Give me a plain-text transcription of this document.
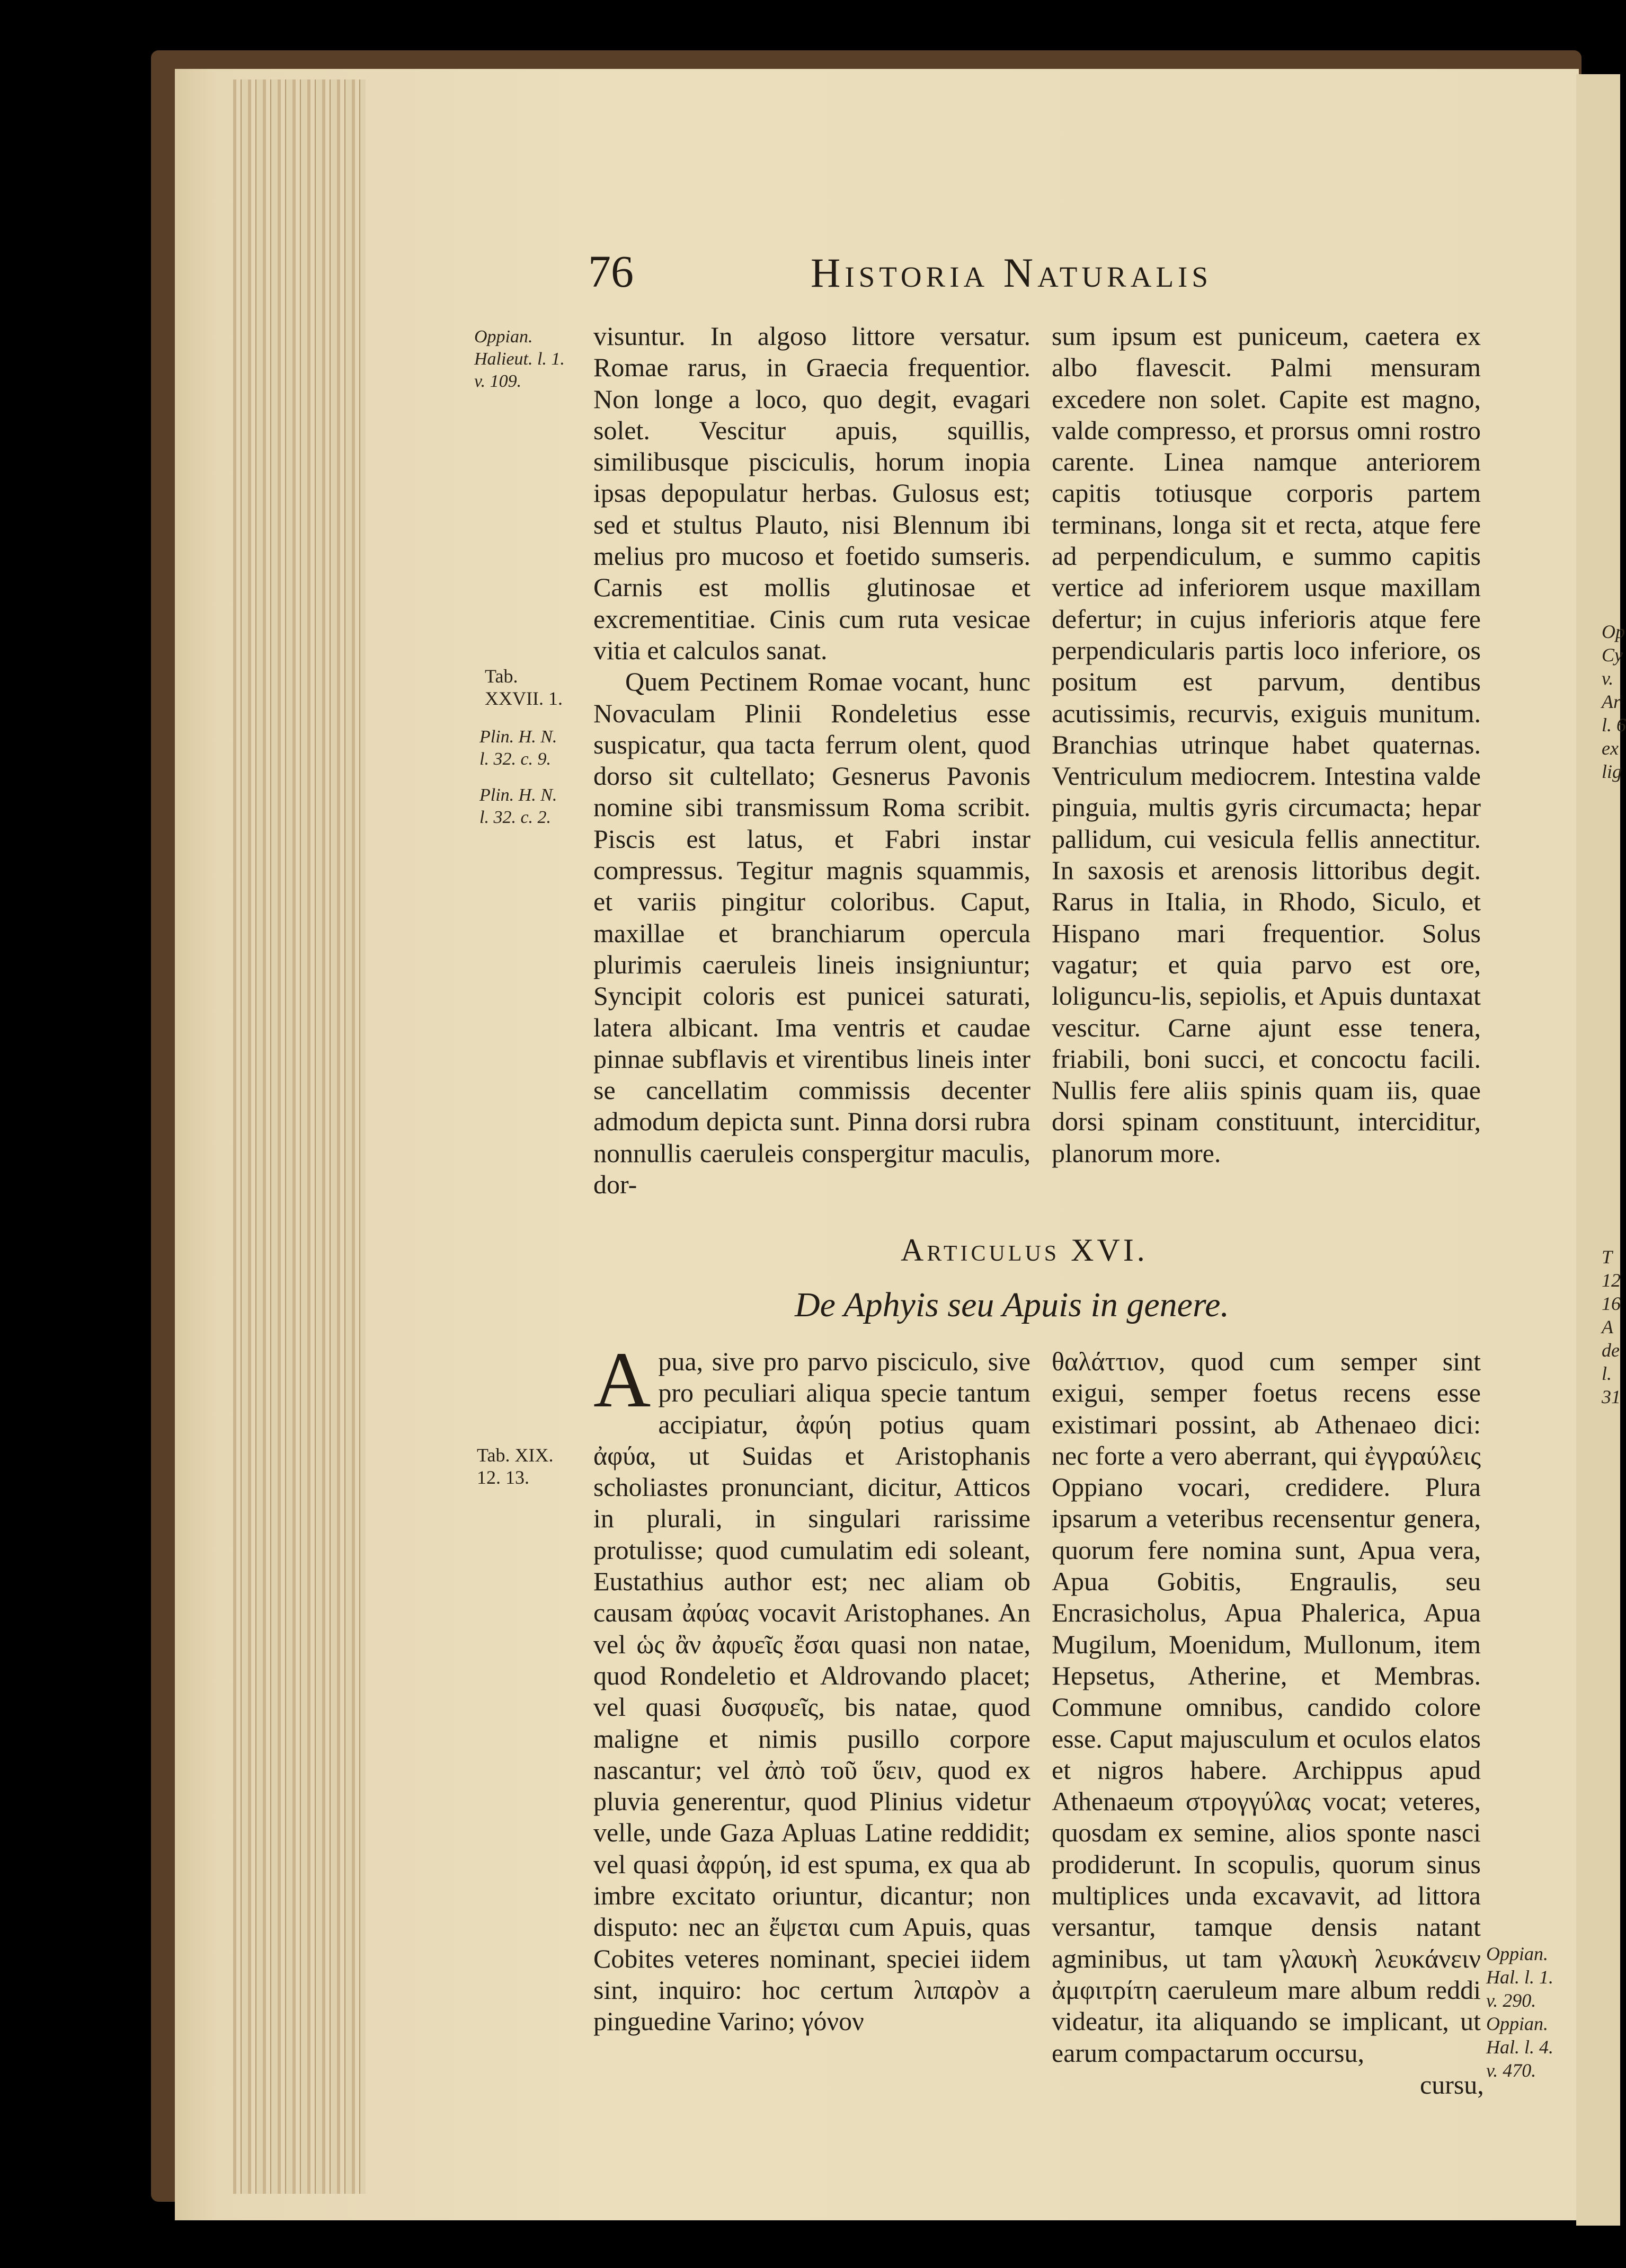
Op
Cy
v.
Ar
l. 6
ex
lig
T
12
16
A
de
l.
31
76	Historia Naturalis
Oppian.
Halieut. l. 1.
v. 109.
Tab.
XXVII. 1.
Plin. H. N.
l. 32. c. 9.
Plin. H. N.
l. 32. c. 2.
Tab. XIX.
12. 13.
Oppian.
Hal. l. 1.
v. 290.
Oppian.
Hal. l. 4.
v. 470.

visuntur. In algoso littore versatur. Romae rarus, in Graecia frequentior. Non longe a loco, quo degit, evagari solet. Vescitur apuis, squillis, similibusque pisciculis, horum inopia ipsas depopulatur herbas. Gulosus est; sed et stultus Plauto, nisi Blennum ibi melius pro mucoso et foetido sumseris. Carnis est mollis glutinosae et excrementitiae. Cinis cum ruta vesicae vitia et calculos sanat.

Quem Pectinem Romae vocant, hunc Novaculam Plinii Rondeletius esse suspicatur, qua tacta ferrum olent, quod dorso sit cultellato; Gesnerus Pavonis nomine sibi transmissum Roma scribit. Piscis est latus, et Fabri instar compressus. Tegitur magnis squammis, et variis pingitur coloribus. Caput, maxillae et branchiarum opercula plurimis caeruleis lineis insigniuntur; Syncipit coloris est punicei saturati, latera albicant. Ima ventris et caudae pinnae subflavis et virentibus lineis inter se cancellatim commissis decenter admodum depicta sunt. Pinna dorsi rubra nonnullis caeruleis conspergitur maculis, dor-

sum ipsum est puniceum, caetera ex albo flavescit. Palmi mensuram excedere non solet. Capite est magno, valde compresso, et prorsus omni rostro carente. Linea namque anteriorem capitis totiusque corporis partem terminans, longa sit et recta, atque fere ad perpendiculum, e summo capitis vertice ad inferiorem usque maxillam defertur; in cujus inferioris atque fere perpendicularis partis loco inferiore, os positum est parvum, dentibus acutissimis, recurvis, exiguis munitum. Branchias utrinque habet quaternas. Ventriculum mediocrem. Intestina valde pinguia, multis gyris circumacta; hepar pallidum, cui vesicula fellis annectitur. In saxosis et arenosis littoribus degit. Rarus in Italia, in Rhodo, Siculo, et Hispano mari frequentior. Solus vagatur; et quia parvo est ore, loliguncu-lis, sepiolis, et Apuis duntaxat vescitur. Carne ajunt esse tenera, friabili, boni succi, et concoctu facili. Nullis fere aliis spinis quam iis, quae dorsi spinam constituunt, interciditur, planorum more.

Articulus XVI.
De Aphyis seu Apuis in genere.
A pua, sive pro parvo pisciculo, sive pro peculiari aliqua specie tantum accipiatur, ἀφύη potius quam ἀφύα, ut Suidas et Aristophanis scholiastes pronunciant, dicitur, Atticos in plurali, in singulari rarissime protulisse; quod cumulatim edi soleant, Eustathius author est; nec aliam ob causam ἀφύας vocavit Aristophanes. An vel ὡς ἂν ἀφυεῖς ἔσαι quasi non natae, quod Rondeletio et Aldrovando placet; vel quasi δυσφυεῖς, bis natae, quod maligne et nimis pusillo corpore nascantur; vel ἀπὸ τοῦ ὕειν, quod ex pluvia generentur, quod Plinius videtur velle, unde Gaza Apluas Latine reddidit; vel quasi ἀφρύη, id est spuma, ex qua ab imbre excitato oriuntur, dicantur; non disputo: nec an ἔψεται cum Apuis, quas Cobites veteres nominant, speciei iidem sint, inquiro: hoc certum λιπαρὸν a pinguedine Varino; γόνον

θαλάττιον, quod cum semper sint exigui, semper foetus recens esse existimari possint, ab Athenaeo dici: nec forte a vero aberrant, qui ἐγγραύλεις Oppiano vocari, credidere. Plura ipsarum a veteribus recensentur genera, quorum fere nomina sunt, Apua vera, Apua Gobitis, Engraulis, seu Encrasicholus, Apua Phalerica, Apua Mugilum, Moenidum, Mullonum, item Hepsetus, Atherine, et Membras. Commune omnibus, candido colore esse. Caput majusculum et oculos elatos et nigros habere. Archippus apud Athenaeum στρογγύλας vocat; veteres, quosdam ex semine, alios sponte nasci prodiderunt. In scopulis, quorum sinus multiplices unda excavavit, ad littora versantur, tamque densis natant agminibus, ut tam γλαυκὴ λευκάνειν ἀμφιτρίτη caeruleum mare album reddi videatur, ita aliquando se implicant, ut earum compactarum occursu,

cursu,
